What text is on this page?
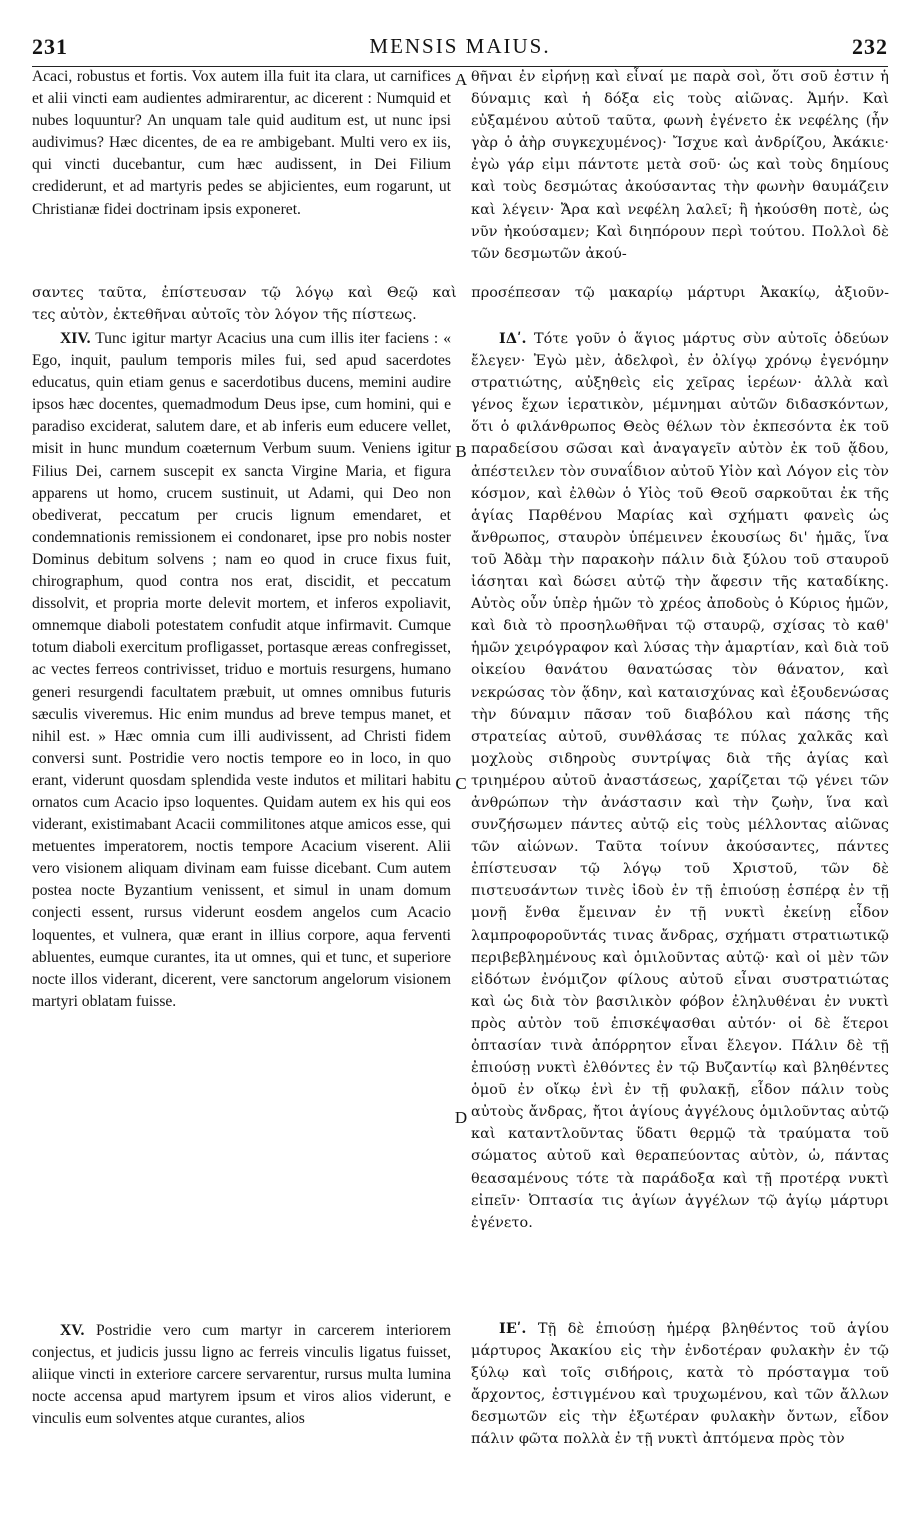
231	MENSIS MAIUS.	232
A
B
C
D

Acaci, robustus et fortis. Vox autem illa fuit ita clara, ut carnifices et alii vincti eam audientes admirarentur, ac dicerent : Numquid et nubes loquuntur? An unquam tale quid auditum est, ut nunc ipsi audivimus? Hæc dicentes, de ea re ambigebant. Multi vero ex iis, qui vincti ducebantur, cum hæc audissent, in Dei Filium crediderunt, et ad martyris pedes se abjicientes, eum rogarunt, ut Christianæ fidei doctrinam ipsis exponeret.

θῆναι ἐν εἰρήνῃ καὶ εἶναί με παρὰ σοὶ, ὅτι σοῦ ἐστιν ἡ δύναμις καὶ ἡ δόξα εἰς τοὺς αἰῶνας. Ἀμήν. Καὶ εὐξαμένου αὐτοῦ ταῦτα, φωνὴ ἐγένετο ἐκ νεφέλης (ἦν γὰρ ὁ ἀὴρ συγκεχυμένος)· Ἴσχυε καὶ ἀνδρίζου, Ἀκάκιε· ἐγὼ γάρ εἰμι πάντοτε μετὰ σοῦ· ὡς καὶ τοὺς δημίους καὶ τοὺς δεσμώτας ἀκούσαντας τὴν φωνὴν θαυμάζειν καὶ λέγειν· Ἄρα καὶ νεφέλη λαλεῖ; ἢ ἠκούσθη ποτὲ, ὡς νῦν ἠκούσαμεν; Καὶ διηπόρουν περὶ τούτου. Πολλοὶ δὲ τῶν δεσμωτῶν ἀκού-

σαντες ταῦτα, ἐπίστευσαν τῷ λόγῳ καὶ Θεῷ καὶ προσέπεσαν τῷ μακαρίῳ μάρτυρι Ἀκακίῳ, ἀξιοῦν-
τες αὐτὸν, ἐκτεθῆναι αὐτοῖς τὸν λόγον τῆς πίστεως.

XIV. Tunc igitur martyr Acacius una cum illis iter faciens : « Ego, inquit, paulum temporis miles fui, sed apud sacerdotes educatus, quin etiam genus e sacerdotibus ducens, memini audire ipsos hæc docentes, quemadmodum Deus ipse, cum homini, qui e paradiso exciderat, salutem dare, et ab inferis eum educere vellet, misit in hunc mundum coæternum Verbum suum. Veniens igitur Filius Dei, carnem suscepit ex sancta Virgine Maria, et figura apparens ut homo, crucem sustinuit, ut Adami, qui Deo non obediverat, peccatum per crucis lignum emendaret, et condemnationis remissionem ei condonaret, ipse pro nobis noster Dominus debitum solvens ; nam eo quod in cruce fixus fuit, chirographum, quod contra nos erat, discidit, et peccatum dissolvit, et propria morte delevit mortem, et inferos expoliavit, omnemque diaboli potestatem confudit atque infirmavit. Cumque totum diaboli exercitum profligasset, portasque æreas confregisset, ac vectes ferreos contrivisset, triduo e mortuis resurgens, humano generi resurgendi facultatem præbuit, ut omnes omnibus futuris sæculis viveremus. Hic enim mundus ad breve tempus manet, et nihil est. » Hæc omnia cum illi audivissent, ad Christi fidem conversi sunt. Postridie vero noctis tempore eo in loco, in quo erant, viderunt quosdam splendida veste indutos et militari habitu ornatos cum Acacio ipso loquentes. Quidam autem ex his qui eos viderant, existimabant Acacii commilitones atque amicos esse, qui metuentes imperatorem, noctis tempore Acacium viserent. Alii vero visionem aliquam divinam eam fuisse dicebant. Cum autem postea nocte Byzantium venissent, et simul in unam domum conjecti essent, rursus viderunt eosdem angelos cum Acacio loquentes, et vulnera, quæ erant in illius corpore, aqua ferventi abluentes, eumque curantes, ita ut omnes, qui et tunc, et superiore nocte illos viderant, dicerent, vere sanctorum angelorum visionem martyri oblatam fuisse.

XV. Postridie vero cum martyr in carcerem interiorem conjectus, et judicis jussu ligno ac ferreis vinculis ligatus fuisset, aliique vincti in exteriore carcere servarentur, rursus multa lumina nocte accensa apud martyrem ipsum et viros alios viderunt, e vinculis eum solventes atque curantes, alios

ΙΔʹ. Τότε γοῦν ὁ ἅγιος μάρτυς σὺν αὐτοῖς ὁδεύων ἔλεγεν· Ἐγὼ μὲν, ἀδελφοὶ, ἐν ὀλίγῳ χρόνῳ ἐγενόμην στρατιώτης, αὐξηθεὶς εἰς χεῖρας ἱερέων· ἀλλὰ καὶ γένος ἔχων ἱερατικὸν, μέμνημαι αὐτῶν διδασκόντων, ὅτι ὁ φιλάνθρωπος Θεὸς θέλων τὸν ἐκπεσόντα ἐκ τοῦ παραδείσου σῶσαι καὶ ἀναγαγεῖν αὐτὸν ἐκ τοῦ ᾅδου, ἀπέστειλεν τὸν συναΐδιον αὐτοῦ Υἱὸν καὶ Λόγον εἰς τὸν κόσμον, καὶ ἐλθὼν ὁ Υἱὸς τοῦ Θεοῦ σαρκοῦται ἐκ τῆς ἁγίας Παρθένου Μαρίας καὶ σχήματι φανεὶς ὡς ἄνθρωπος, σταυρὸν ὑπέμεινεν ἑκουσίως δι' ἡμᾶς, ἵνα τοῦ Ἀδὰμ τὴν παρακοὴν πάλιν διὰ ξύλου τοῦ σταυροῦ ἰάσηται καὶ δώσει αὐτῷ τὴν ἄφεσιν τῆς καταδίκης. Αὐτὸς οὖν ὑπὲρ ἡμῶν τὸ χρέος ἀποδοὺς ὁ Κύριος ἡμῶν, καὶ διὰ τὸ προσηλωθῆναι τῷ σταυρῷ, σχίσας τὸ καθ' ἡμῶν χειρόγραφον καὶ λύσας τὴν ἁμαρτίαν, καὶ διὰ τοῦ οἰκείου θανάτου θανατώσας τὸν θάνατον, καὶ νεκρώσας τὸν ᾅδην, καὶ καταισχύνας καὶ ἐξουδενώσας τὴν δύναμιν πᾶσαν τοῦ διαβόλου καὶ πάσης τῆς στρατείας αὐτοῦ, συνθλάσας τε πύλας χαλκᾶς καὶ μοχλοὺς σιδηροὺς συντρίψας διὰ τῆς ἁγίας καὶ τριημέρου αὐτοῦ ἀναστάσεως, χαρίζεται τῷ γένει τῶν ἀνθρώπων τὴν ἀνάστασιν καὶ τὴν ζωὴν, ἵνα καὶ συνζήσωμεν πάντες αὐτῷ εἰς τοὺς μέλλοντας αἰῶνας τῶν αἰώνων. Ταῦτα τοίνυν ἀκούσαντες, πάντες ἐπίστευσαν τῷ λόγῳ τοῦ Χριστοῦ, τῶν δὲ πιστευσάντων τινὲς ἰδοὺ ἐν τῇ ἐπιούσῃ ἑσπέρᾳ ἐν τῇ μονῇ ἔνθα ἔμειναν ἐν τῇ νυκτὶ ἐκείνῃ εἶδον λαμπροφοροῦντάς τινας ἄνδρας, σχήματι στρατιωτικῷ περιβεβλημένους καὶ ὁμιλοῦντας αὐτῷ· καὶ οἱ μὲν τῶν εἰδότων ἐνόμιζον φίλους αὐτοῦ εἶναι συστρατιώτας καὶ ὡς διὰ τὸν βασιλικὸν φόβον ἐληλυθέναι ἐν νυκτὶ πρὸς αὐτὸν τοῦ ἐπισκέψασθαι αὐτόν· οἱ δὲ ἕτεροι ὀπτασίαν τινὰ ἀπόρρητον εἶναι ἔλεγον. Πάλιν δὲ τῇ ἐπιούσῃ νυκτὶ ἐλθόντες ἐν τῷ Βυζαντίῳ καὶ βληθέντες ὁμοῦ ἐν οἴκῳ ἑνὶ ἐν τῇ φυλακῇ, εἶδον πάλιν τοὺς αὐτοὺς ἄνδρας, ἤτοι ἁγίους ἀγγέλους ὁμιλοῦντας αὐτῷ καὶ καταντλοῦντας ὕδατι θερμῷ τὰ τραύματα τοῦ σώματος αὐτοῦ καὶ θεραπεύοντας αὐτὸν, ὡ, πάντας θεασαμένους τότε τὰ παράδοξα καὶ τῇ προτέρᾳ νυκτὶ εἰπεῖν· Ὀπτασία τις ἁγίων ἀγγέλων τῷ ἁγίῳ μάρτυρι ἐγένετο.

ΙΕʹ. Τῇ δὲ ἐπιούσῃ ἡμέρᾳ βληθέντος τοῦ ἁγίου μάρτυρος Ἀκακίου εἰς τὴν ἐνδοτέραν φυλακὴν ἐν τῷ ξύλῳ καὶ τοῖς σιδήροις, κατὰ τὸ πρόσταγμα τοῦ ἄρχοντος, ἐστιγμένου καὶ τρυχωμένου, καὶ τῶν ἄλλων δεσμωτῶν εἰς τὴν ἐξωτέραν φυλακὴν ὄντων, εἶδον πάλιν φῶτα πολλὰ ἐν τῇ νυκτὶ ἀπτόμενα πρὸς τὸν
